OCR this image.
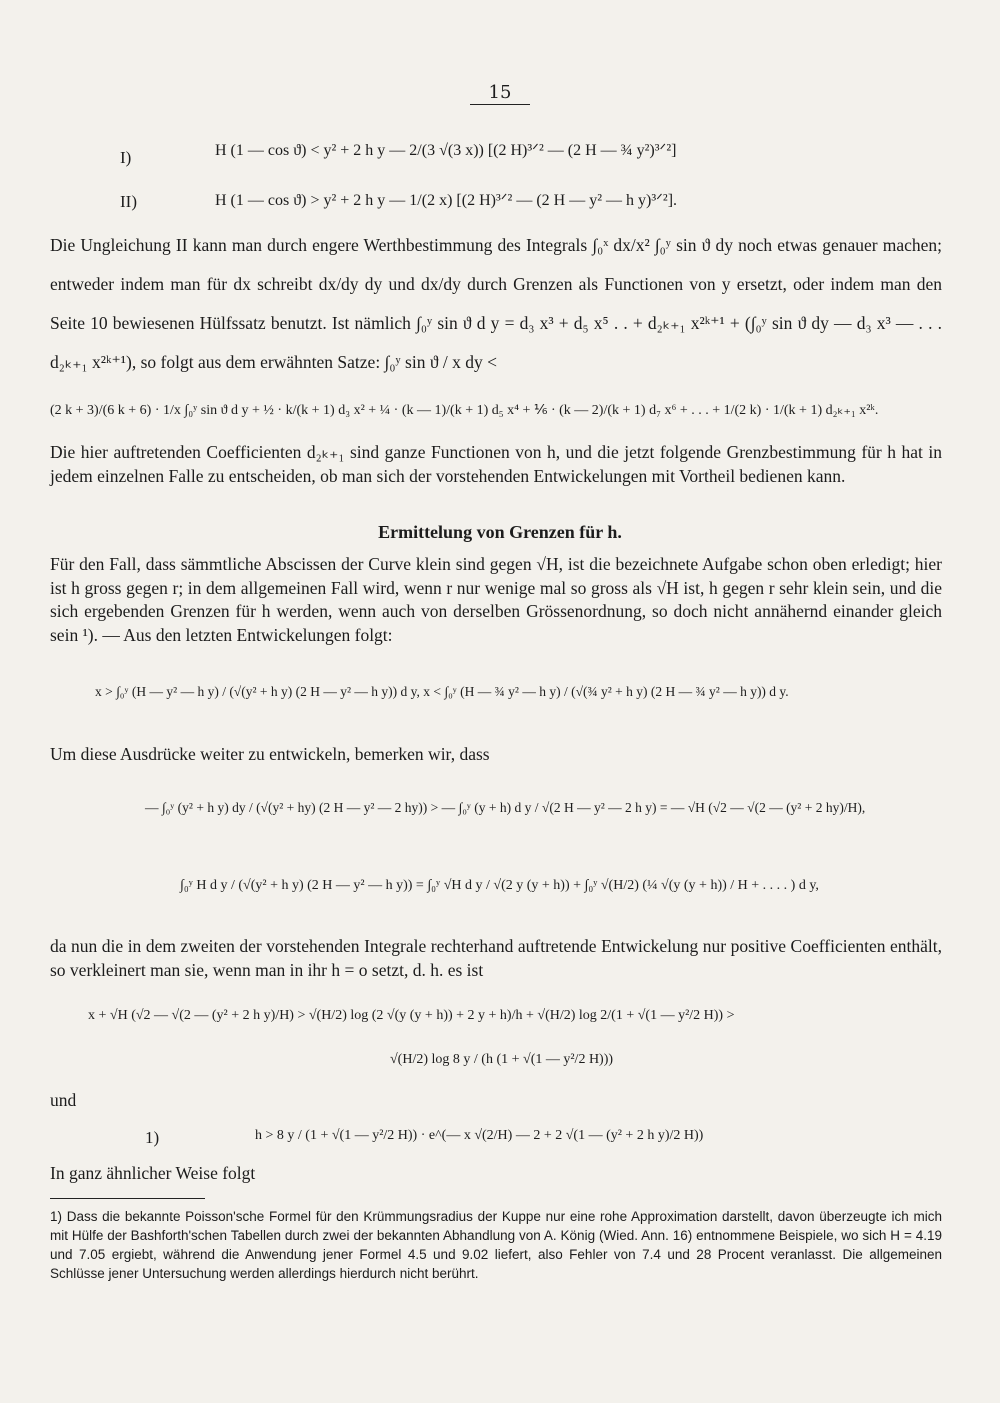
15
I)	H (1 — cos ϑ) < y² + 2 h y — 2/(3 √(3 x)) [(2 H)³ᐟ² — (2 H — ¾ y²)³ᐟ²]
II)	H (1 — cos ϑ) > y² + 2 h y — 1/(2 x) [(2 H)³ᐟ² — (2 H — y² — h y)³ᐟ²].
Die Ungleichung II kann man durch engere Werthbestimmung des Integrals ∫₀ˣ dx/x² ∫₀ʸ sin ϑ dy noch etwas genauer machen; entweder indem man für dx schreibt dx/dy dy und dx/dy durch Grenzen als Functionen von y ersetzt, oder indem man den Seite 10 bewiesenen Hülfssatz benutzt. Ist nämlich ∫₀ʸ sin ϑ d y = d₃ x³ + d₅ x⁵ . . + d₂ₖ₊₁ x²ᵏ⁺¹ + (∫₀ʸ sin ϑ dy — d₃ x³ — . . . d₂ₖ₊₁ x²ᵏ⁺¹), so folgt aus dem erwähnten Satze: ∫₀ʸ sin ϑ / x dy <
(2 k + 3)/(6 k + 6) · 1/x ∫₀ʸ sin ϑ d y + ½ · k/(k + 1) d₃ x² + ¼ · (k — 1)/(k + 1) d₅ x⁴ + ⅙ · (k — 2)/(k + 1) d₇ x⁶ + . . . + 1/(2 k) · 1/(k + 1) d₂ₖ₊₁ x²ᵏ.
Die hier auftretenden Coefficienten d₂ₖ₊₁ sind ganze Functionen von h, und die jetzt folgende Grenzbestimmung für h hat in jedem einzelnen Falle zu entscheiden, ob man sich der vorstehenden Entwickelungen mit Vortheil bedienen kann.
Ermittelung von Grenzen für h.
Für den Fall, dass sämmtliche Abscissen der Curve klein sind gegen √H, ist die bezeichnete Aufgabe schon oben erledigt; hier ist h gross gegen r; in dem allgemeinen Fall wird, wenn r nur wenige mal so gross als √H ist, h gegen r sehr klein sein, und die sich ergebenden Grenzen für h werden, wenn auch von derselben Grössenordnung, so doch nicht annähernd einander gleich sein ¹). — Aus den letzten Entwickelungen folgt:
x > ∫₀ʸ (H — y² — h y) / (√(y² + h y) (2 H — y² — h y)) d y, x < ∫₀ʸ (H — ¾ y² — h y) / (√(¾ y² + h y) (2 H — ¾ y² — h y)) d y.
Um diese Ausdrücke weiter zu entwickeln, bemerken wir, dass
— ∫₀ʸ (y² + h y) dy / (√(y² + hy) (2 H — y² — 2 hy)) > — ∫₀ʸ (y + h) d y / √(2 H — y² — 2 h y) = — √H (√2 — √(2 — (y² + 2 hy)/H),
∫₀ʸ H d y / (√(y² + h y) (2 H — y² — h y)) = ∫₀ʸ √H d y / √(2 y (y + h)) + ∫₀ʸ √(H/2) (¼ √(y (y + h)) / H + . . . . ) d y,
da nun die in dem zweiten der vorstehenden Integrale rechterhand auftretende Entwickelung nur positive Coefficienten enthält, so verkleinert man sie, wenn man in ihr h = o setzt, d. h. es ist
x + √H (√2 — √(2 — (y² + 2 h y)/H) > √(H/2) log (2 √(y (y + h)) + 2 y + h)/h + √(H/2) log 2/(1 + √(1 — y²/2 H)) >
√(H/2) log 8 y / (h (1 + √(1 — y²/2 H)))
und
1)	h > 8 y / (1 + √(1 — y²/2 H)) · e^(— x √(2/H) — 2 + 2 √(1 — (y² + 2 h y)/2 H))
In ganz ähnlicher Weise folgt
1) Dass die bekannte Poisson'sche Formel für den Krümmungsradius der Kuppe nur eine rohe Approximation darstellt, davon überzeugte ich mich mit Hülfe der Bashforth'schen Tabellen durch zwei der bekannten Abhandlung von A. König (Wied. Ann. 16) entnommene Beispiele, wo sich H = 4.19 und 7.05 ergiebt, während die Anwendung jener Formel 4.5 und 9.02 liefert, also Fehler von 7.4 und 28 Procent veranlasst. Die allgemeinen Schlüsse jener Untersuchung werden allerdings hierdurch nicht berührt.
